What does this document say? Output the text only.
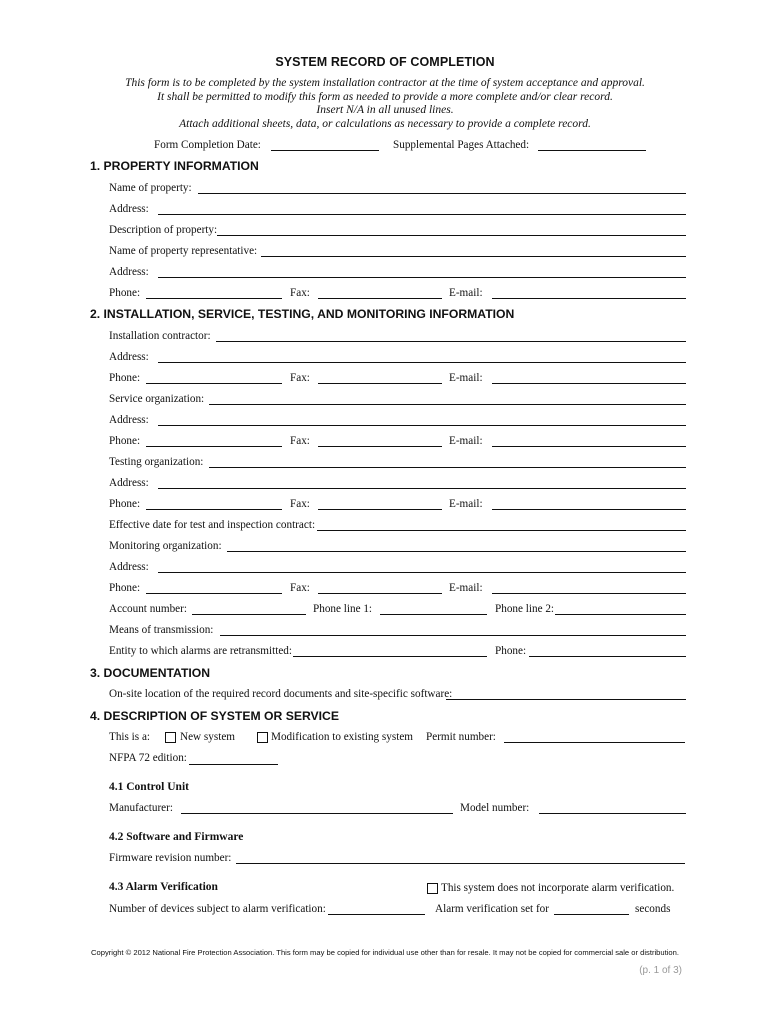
SYSTEM RECORD OF COMPLETION
This form is to be completed by the system installation contractor at the time of system acceptance and approval.
It shall be permitted to modify this form as needed to provide a more complete and/or clear record.
Insert N/A in all unused lines.
Attach additional sheets, data, or calculations as necessary to provide a complete record.
Form Completion Date:	Supplemental Pages Attached:
1. PROPERTY INFORMATION
Name of property:
Address:
Description of property:
Name of property representative:
Address:
Phone:	Fax:	E-mail:
2. INSTALLATION, SERVICE, TESTING, AND MONITORING INFORMATION
Installation contractor:
Address:
Phone:	Fax:	E-mail:
Service organization:
Address:
Phone:	Fax:	E-mail:
Testing organization:
Address:
Phone:	Fax:	E-mail:
Effective date for test and inspection contract:
Monitoring organization:
Address:
Phone:	Fax:	E-mail:
Account number:	Phone line 1:	Phone line 2:
Means of transmission:
Entity to which alarms are retransmitted:	Phone:
3. DOCUMENTATION
On-site location of the required record documents and site-specific software:
4. DESCRIPTION OF SYSTEM OR SERVICE
This is a:	New system	Modification to existing system Permit number:
NFPA 72 edition:
4.1 Control Unit
Manufacturer:	Model number:
4.2 Software and Firmware
Firmware revision number:
4.3 Alarm Verification	This system does not incorporate alarm verification.
Number of devices subject to alarm verification:	Alarm verification set for	seconds
Copyright © 2012 National Fire Protection Association. This form may be copied for individual use other than for resale. It may not be copied for commercial sale or distribution.
(p. 1 of 3)
